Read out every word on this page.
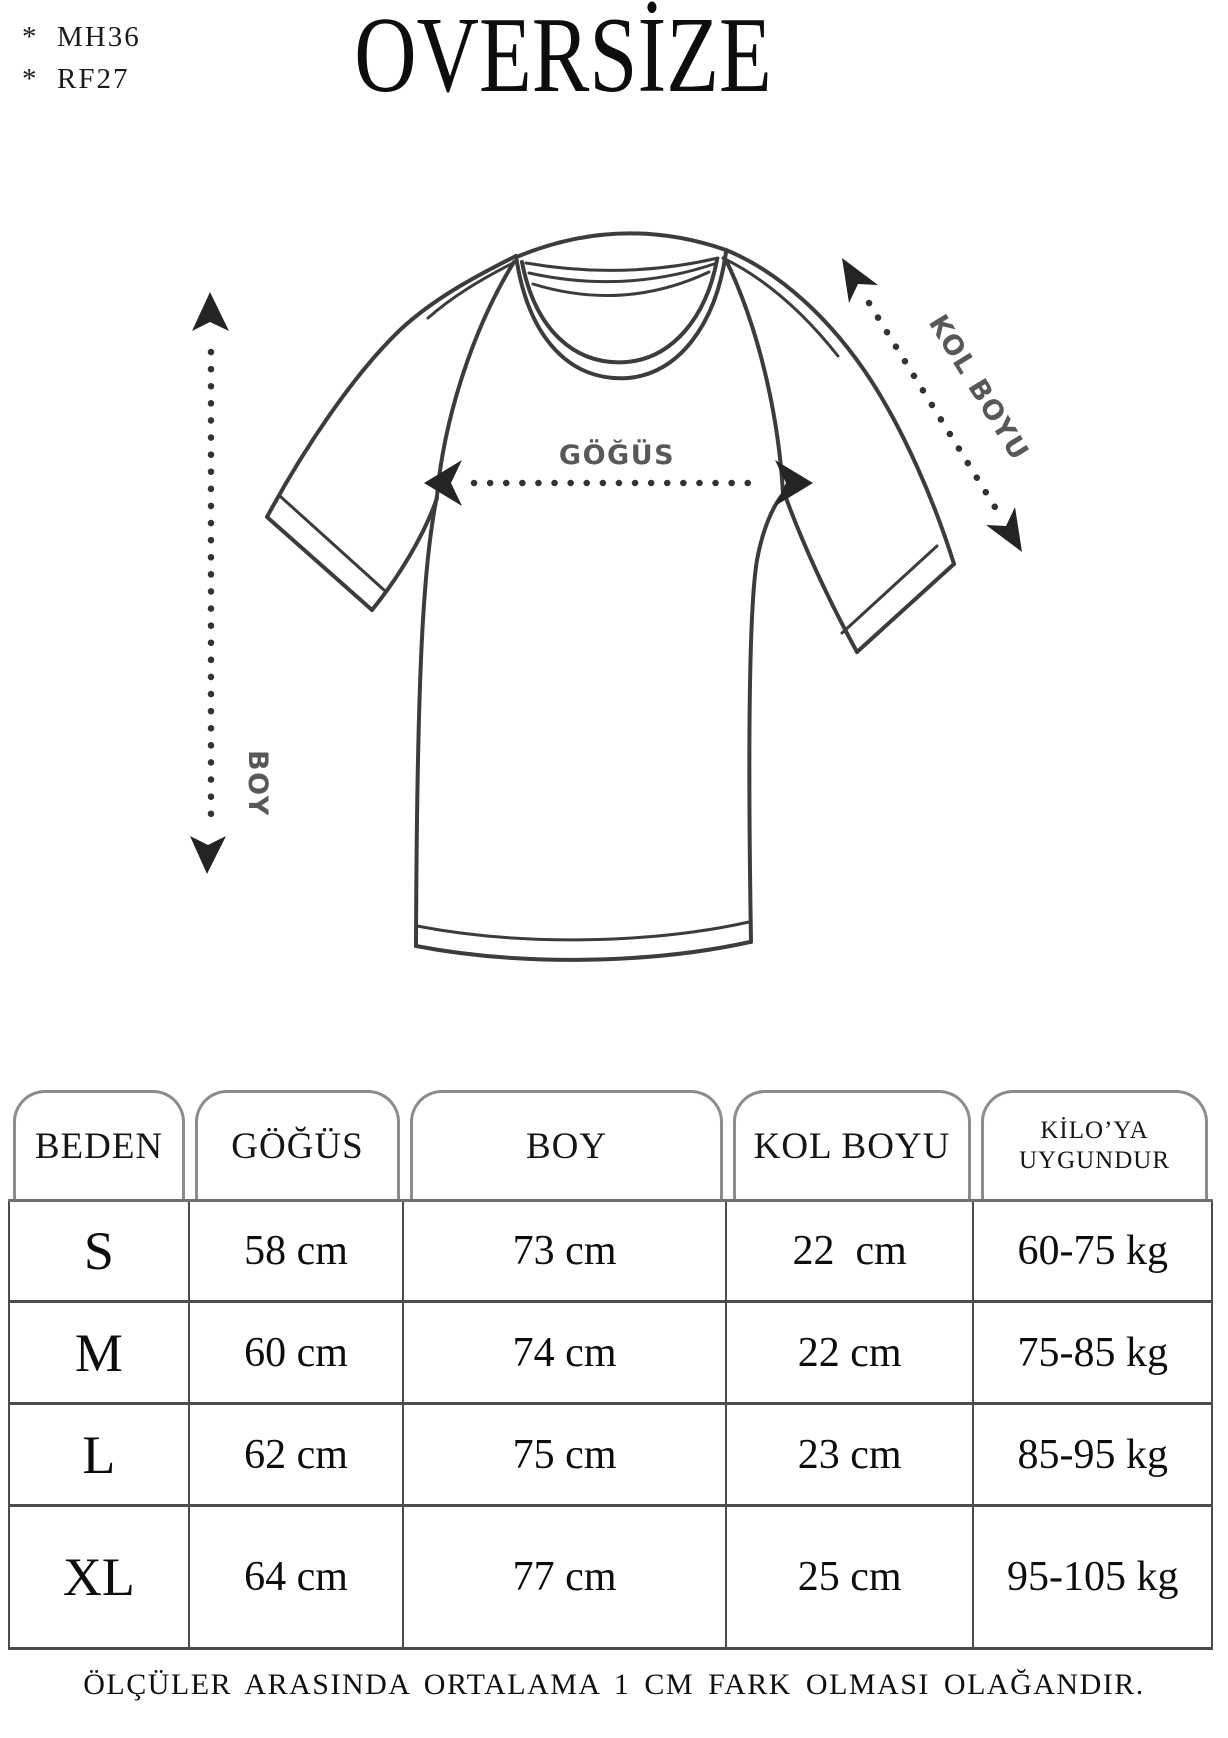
*  MH36
*  RF27	OVERSİZE
BOY
GÖĞÜS	KOL BOYU
BEDEN	GÖĞÜS	BOY	KOL BOYU	KİLO’YA
UYGUNDUR
S	58 cm	73 cm	22  cm	60-75 kg
M	60 cm	74 cm	22 cm	75-85 kg
L	62 cm	75 cm	23 cm	85-95 kg
XL	64 cm	77 cm	25 cm	95-105 kg
ÖLÇÜLER ARASINDA ORTALAMA 1 CM FARK OLMASI OLAĞANDIR.
